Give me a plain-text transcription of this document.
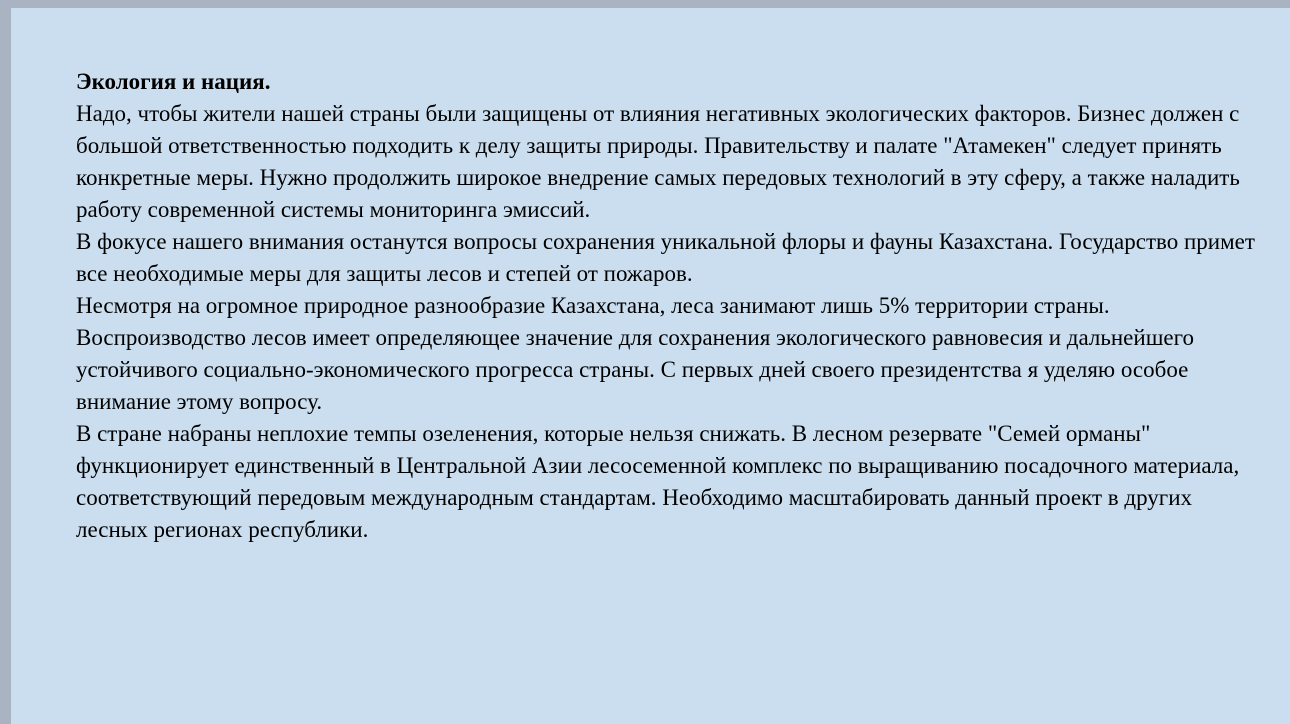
Экология и нация.

Надо, чтобы жители нашей страны были защищены от влияния негативных экологических факторов. Бизнес должен с большой ответственностью подходить к делу защиты природы. Правительству и палате "Атамекен" следует принять конкретные меры. Нужно продолжить широкое внедрение самых передовых технологий в эту сферу, а также наладить работу современной системы мониторинга эмиссий.

В фокусе нашего внимания останутся вопросы сохранения уникальной флоры и фауны Казахстана. Государство примет все необходимые меры для защиты лесов и степей от пожаров.

Несмотря на огромное природное разнообразие Казахстана, леса занимают лишь 5% территории страны. Воспроизводство лесов имеет определяющее значение для сохранения экологического равновесия и дальнейшего устойчивого социально-экономического прогресса страны. С первых дней своего президентства я уделяю особое внимание этому вопросу.

В стране набраны неплохие темпы озеленения, которые нельзя снижать. В лесном резервате "Семей орманы" функционирует единственный в Центральной Азии лесосеменной комплекс по выращиванию посадочного материала, соответствующий передовым международным стандартам. Необходимо масштабировать данный проект в других лесных регионах республики.
